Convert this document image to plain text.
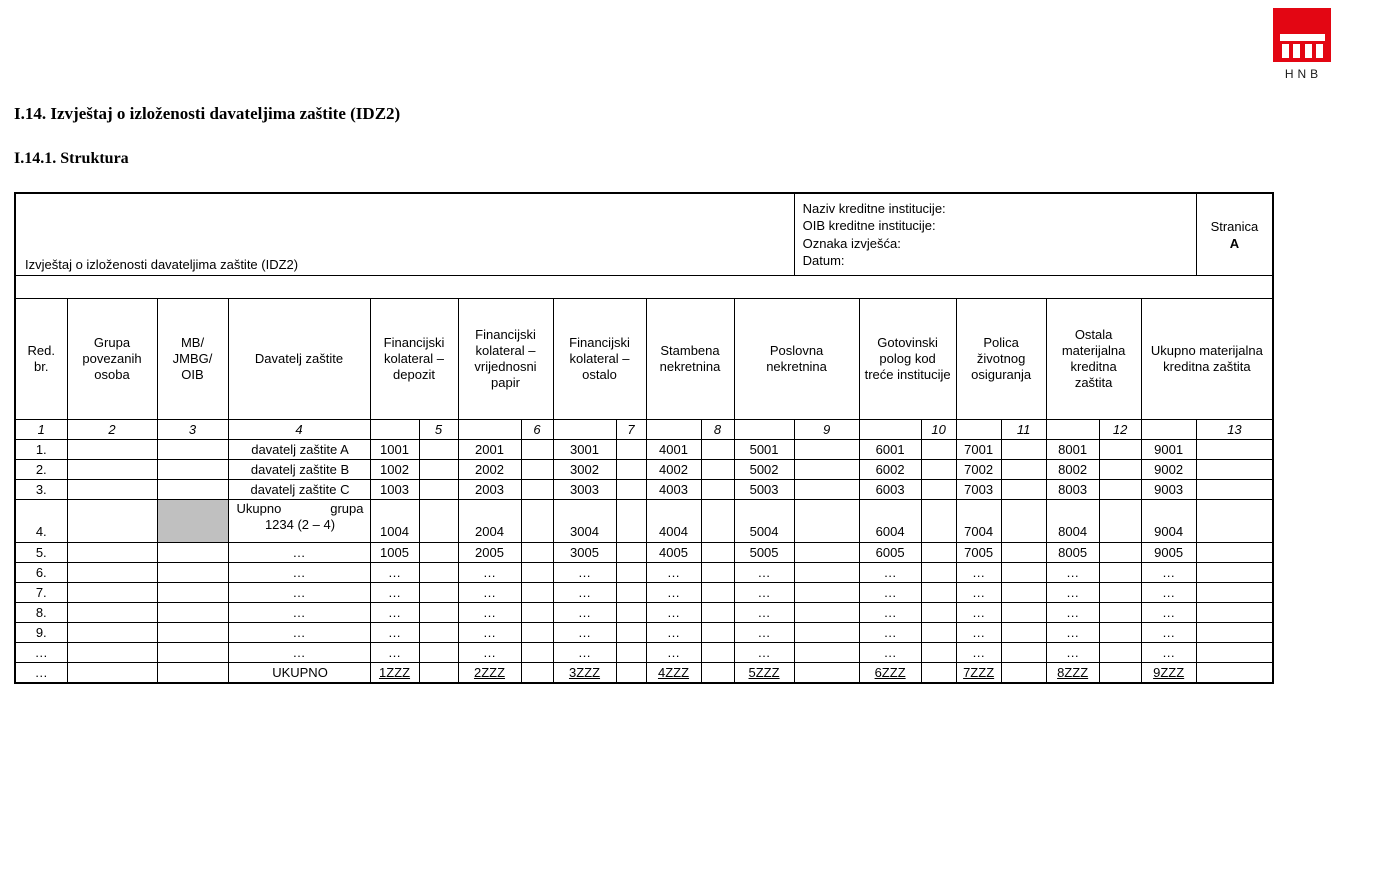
HNB
I.14. Izvještaj o izloženosti davateljima zaštite (IDZ2)
I.14.1. Struktura
Izvještaj o izloženosti davateljima zaštite (IDZ2)	
Naziv kreditne institucije:
OIB kreditne institucije:
Oznaka izvješća:
Datum:

Stranica
A

Red. br.	Grupa povezanih osoba	MB/ JMBG/ OIB	Davatelj zaštite	Financijski kolateral – depozit		Financijski kolateral – vrijednosni papir		Financijski kolateral – ostalo		Stambena nekretnina		Poslovna nekretnina		Gotovinski polog kod treće institucije		Polica životnog osiguranja		Ostala materijalna kreditna zaštita		Ukupno materijalna kreditna zaštita	
1	2	3	4		5		6		7		8		9		10		11		12		13
1.			davatelj zaštite A	1001		2001		3001		4001		5001		6001		7001		8001		9001	
2.			davatelj zaštite B	1002		2002		3002		4002		5002		6002		7002		8002		9002	
3.			davatelj zaštite C	1003		2003		3003		4003		5003		6003		7003		8003		9003	
4.			Ukupno grupa
1234 (2 – 4)	1004		2004		3004		4004		5004		6004		7004		8004		9004	
5.			…	1005		2005		3005		4005		5005		6005		7005		8005		9005	
6.			…	…		…		…		…		…		…		…		…		…	
7.			…	…		…		…		…		…		…		…		…		…	
8.			…	…		…		…		…		…		…		…		…		…	
9.			…	…		…		…		…		…		…		…		…		…	
…			…	…		…		…		…		…		…		…		…		…	
…			UKUPNO	1ZZZ		2ZZZ		3ZZZ		4ZZZ		5ZZZ		6ZZZ		7ZZZ		8ZZZ		9ZZZ	
